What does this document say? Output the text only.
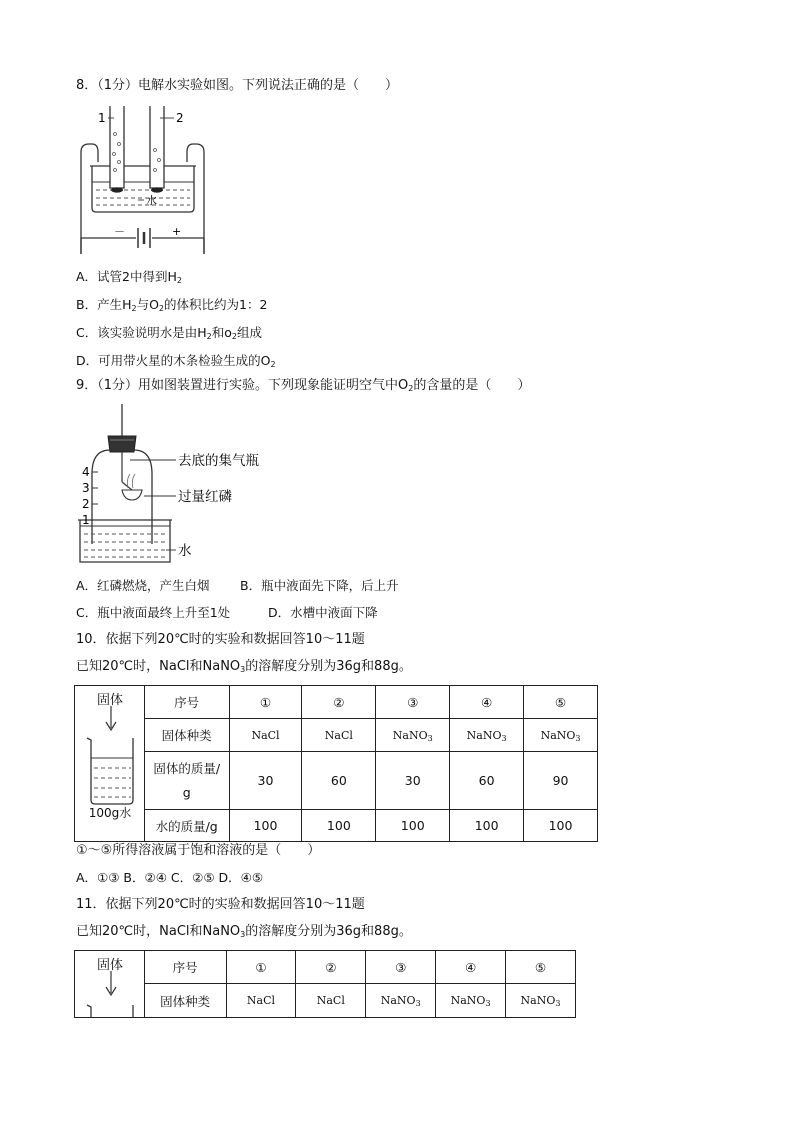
8．（1分）电解水实验如图。下列说法正确的是（　　）
1	2
水
－	+
A．试管2中得到$H_2$
B．产生$H_2$与$O_2$的体积比约为1：2
C．该实验说明水是由$H_2$和$o_2$组成
D．可用带火星的木条检验生成的$O_2$
9．（1分）用如图装置进行实验。下列现象能证明空气中$O_2$的含量的是（　　）
4
3
2
1
去底的集气瓶
过量红磷
水
A．红磷燃烧，产生白烟 B．瓶中液面先下降，后上升
C．瓶中液面最终上升至1处	D．水槽中液面下降
10．依据下列20℃时的实验和数据回答10～11题
已知20℃时，NaCl和NaNO$_3$的溶解度分别为36g和88g。
固体
100g水	序号	①	②	③	④	⑤
	固体种类	NaCl	NaCl	NaNO$_3$	NaNO$_3$	NaNO$_3$
	固体的质量/
g	30	60	30	60	90
	水的质量/g	100	100	100	100	100
①～⑤所得溶液属于饱和溶液的是（　　）
A．①③ B．②④ C．②⑤ D．④⑤
11．依据下列20℃时的实验和数据回答10～11题
已知20℃时，NaCl和NaNO$_3$的溶解度分别为36g和88g。
固体	序号	①	②	③	④	⑤
	固体种类	NaCl	NaCl	NaNO$_3$	NaNO$_3$	NaNO$_3$
